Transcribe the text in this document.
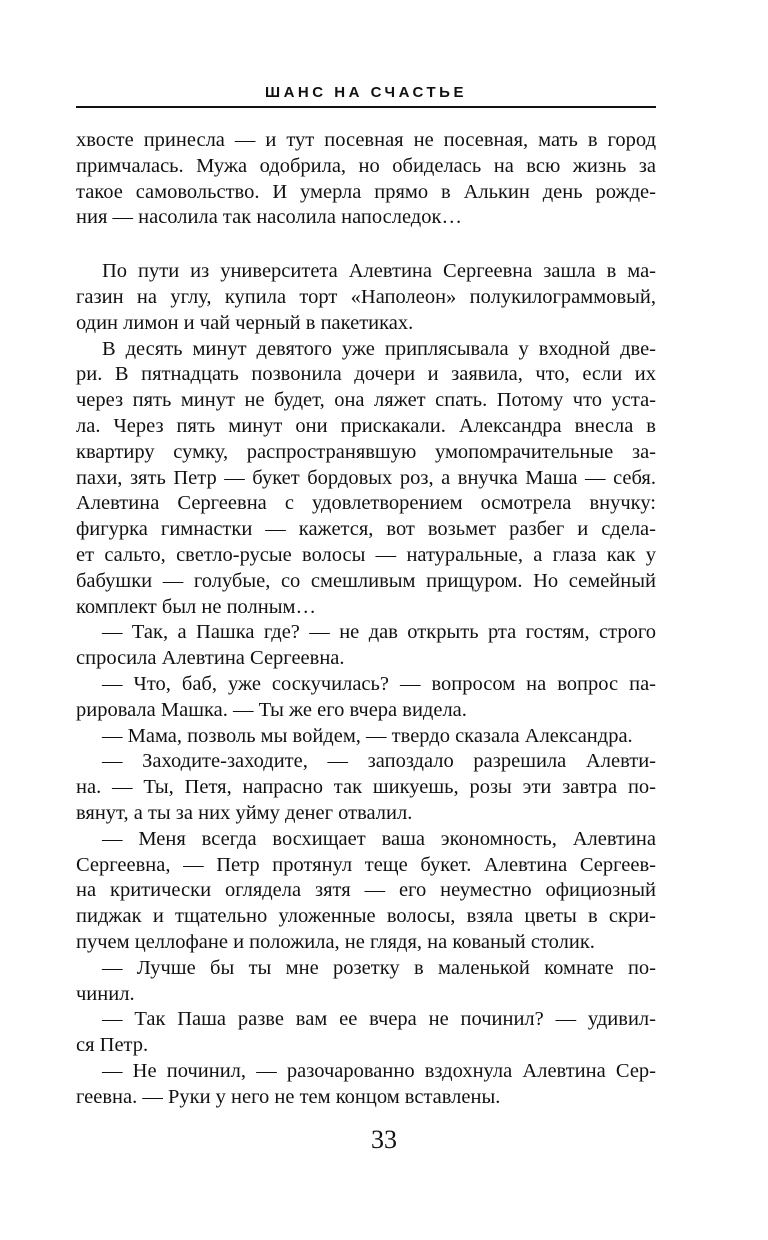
ШАНС НА СЧАСТЬЕ

хвосте принесла — и тут посевная не посевная, мать в город
примчалась. Мужа одобрила, но обиделась на всю жизнь за
такое самовольство. И умерла прямо в Алькин день рожде-
ния — насолила так насолила напоследок…

По пути из университета Алевтина Сергеевна зашла в ма-
газин на углу, купила торт «Наполеон» полукилограммовый,
один лимон и чай черный в пакетиках.

В десять минут девятого уже приплясывала у входной две-
ри. В пятнадцать позвонила дочери и заявила, что, если их
через пять минут не будет, она ляжет спать. Потому что уста-
ла. Через пять минут они прискакали. Александра внесла в
квартиру сумку, распространявшую умопомрачительные за-
пахи, зять Петр — букет бордовых роз, а внучка Маша — себя.
Алевтина Сергеевна с удовлетворением осмотрела внучку:
фигурка гимнастки — кажется, вот возьмет разбег и сдела-
ет сальто, светло-русые волосы — натуральные, а глаза как у
бабушки — голубые, со смешливым прищуром. Но семейный
комплект был не полным…

— Так, а Пашка где? — не дав открыть рта гостям, строго
спросила Алевтина Сергеевна.

— Что, баб, уже соскучилась? — вопросом на вопрос па-
рировала Машка. — Ты же его вчера видела.

— Мама, позволь мы войдем, — твердо сказала Александра.

— Заходите-заходите, — запоздало разрешила Алевти-
на. — Ты, Петя, напрасно так шикуешь, розы эти завтра по-
вянут, а ты за них уйму денег отвалил.

— Меня всегда восхищает ваша экономность, Алевтина
Сергеевна, — Петр протянул теще букет. Алевтина Сергеев-
на критически оглядела зятя — его неуместно официозный
пиджак и тщательно уложенные волосы, взяла цветы в скри-
пучем целлофане и положила, не глядя, на кованый столик.

— Лучше бы ты мне розетку в маленькой комнате по-
чинил.

— Так Паша разве вам ее вчера не починил? — удивил-
ся Петр.

— Не починил, — разочарованно вздохнула Алевтина Сер-
геевна. — Руки у него не тем концом вставлены.

33
